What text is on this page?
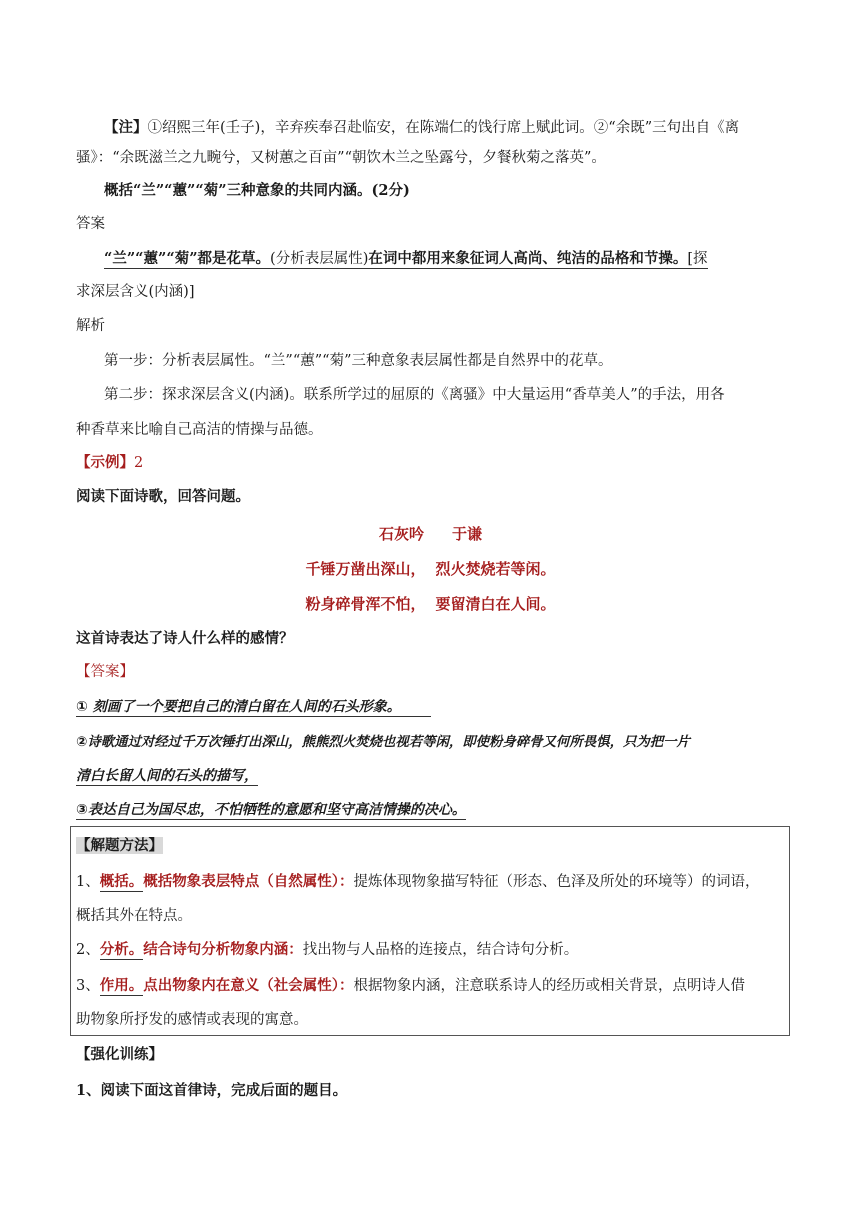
【注】①绍熙三年(壬子)，辛弃疾奉召赴临安，在陈端仁的饯行席上赋此词。②“余既”三句出自《离
骚》：“余既滋兰之九畹兮，又树蕙之百亩”“朝饮木兰之坠露兮，夕餐秋菊之落英”。
概括“兰”“蕙”“菊”三种意象的共同内涵。(2分)
答案
“兰”“蕙”“菊”都是花草。(分析表层属性)在词中都用来象征词人高尚、纯洁的品格和节操。[探
求深层含义(内涵)]
解析
第一步：分析表层属性。“兰”“蕙”“菊”三种意象表层属性都是自然界中的花草。
第二步：探求深层含义(内涵)。联系所学过的屈原的《离骚》中大量运用“香草美人”的手法，用各
种香草来比喻自己高洁的情操与品德。
【示例】2
阅读下面诗歌，回答问题。
石灰吟 于谦
千锤万凿出深山， 烈火焚烧若等闲。
粉身碎骨浑不怕， 要留清白在人间。
这首诗表达了诗人什么样的感情？
【答案】
① 刻画了一个要把自己的清白留在人间的石头形象。
②诗歌通过对经过千万次锤打出深山，熊熊烈火焚烧也视若等闲，即使粉身碎骨又何所畏惧，只为把一片
清白长留人间的石头的描写，
③表达自己为国尽忠，不怕牺牲的意愿和坚守高洁情操的决心。
【解题方法】
1、概括。概括物象表层特点（自然属性）：提炼体现物象描写特征（形态、色泽及所处的环境等）的词语，
概括其外在特点。
2、分析。结合诗句分析物象内涵：找出物与人品格的连接点，结合诗句分析。
3、作用。点出物象内在意义（社会属性）：根据物象内涵，注意联系诗人的经历或相关背景，点明诗人借
助物象所抒发的感情或表现的寓意。
【强化训练】
1、阅读下面这首律诗，完成后面的题目。
